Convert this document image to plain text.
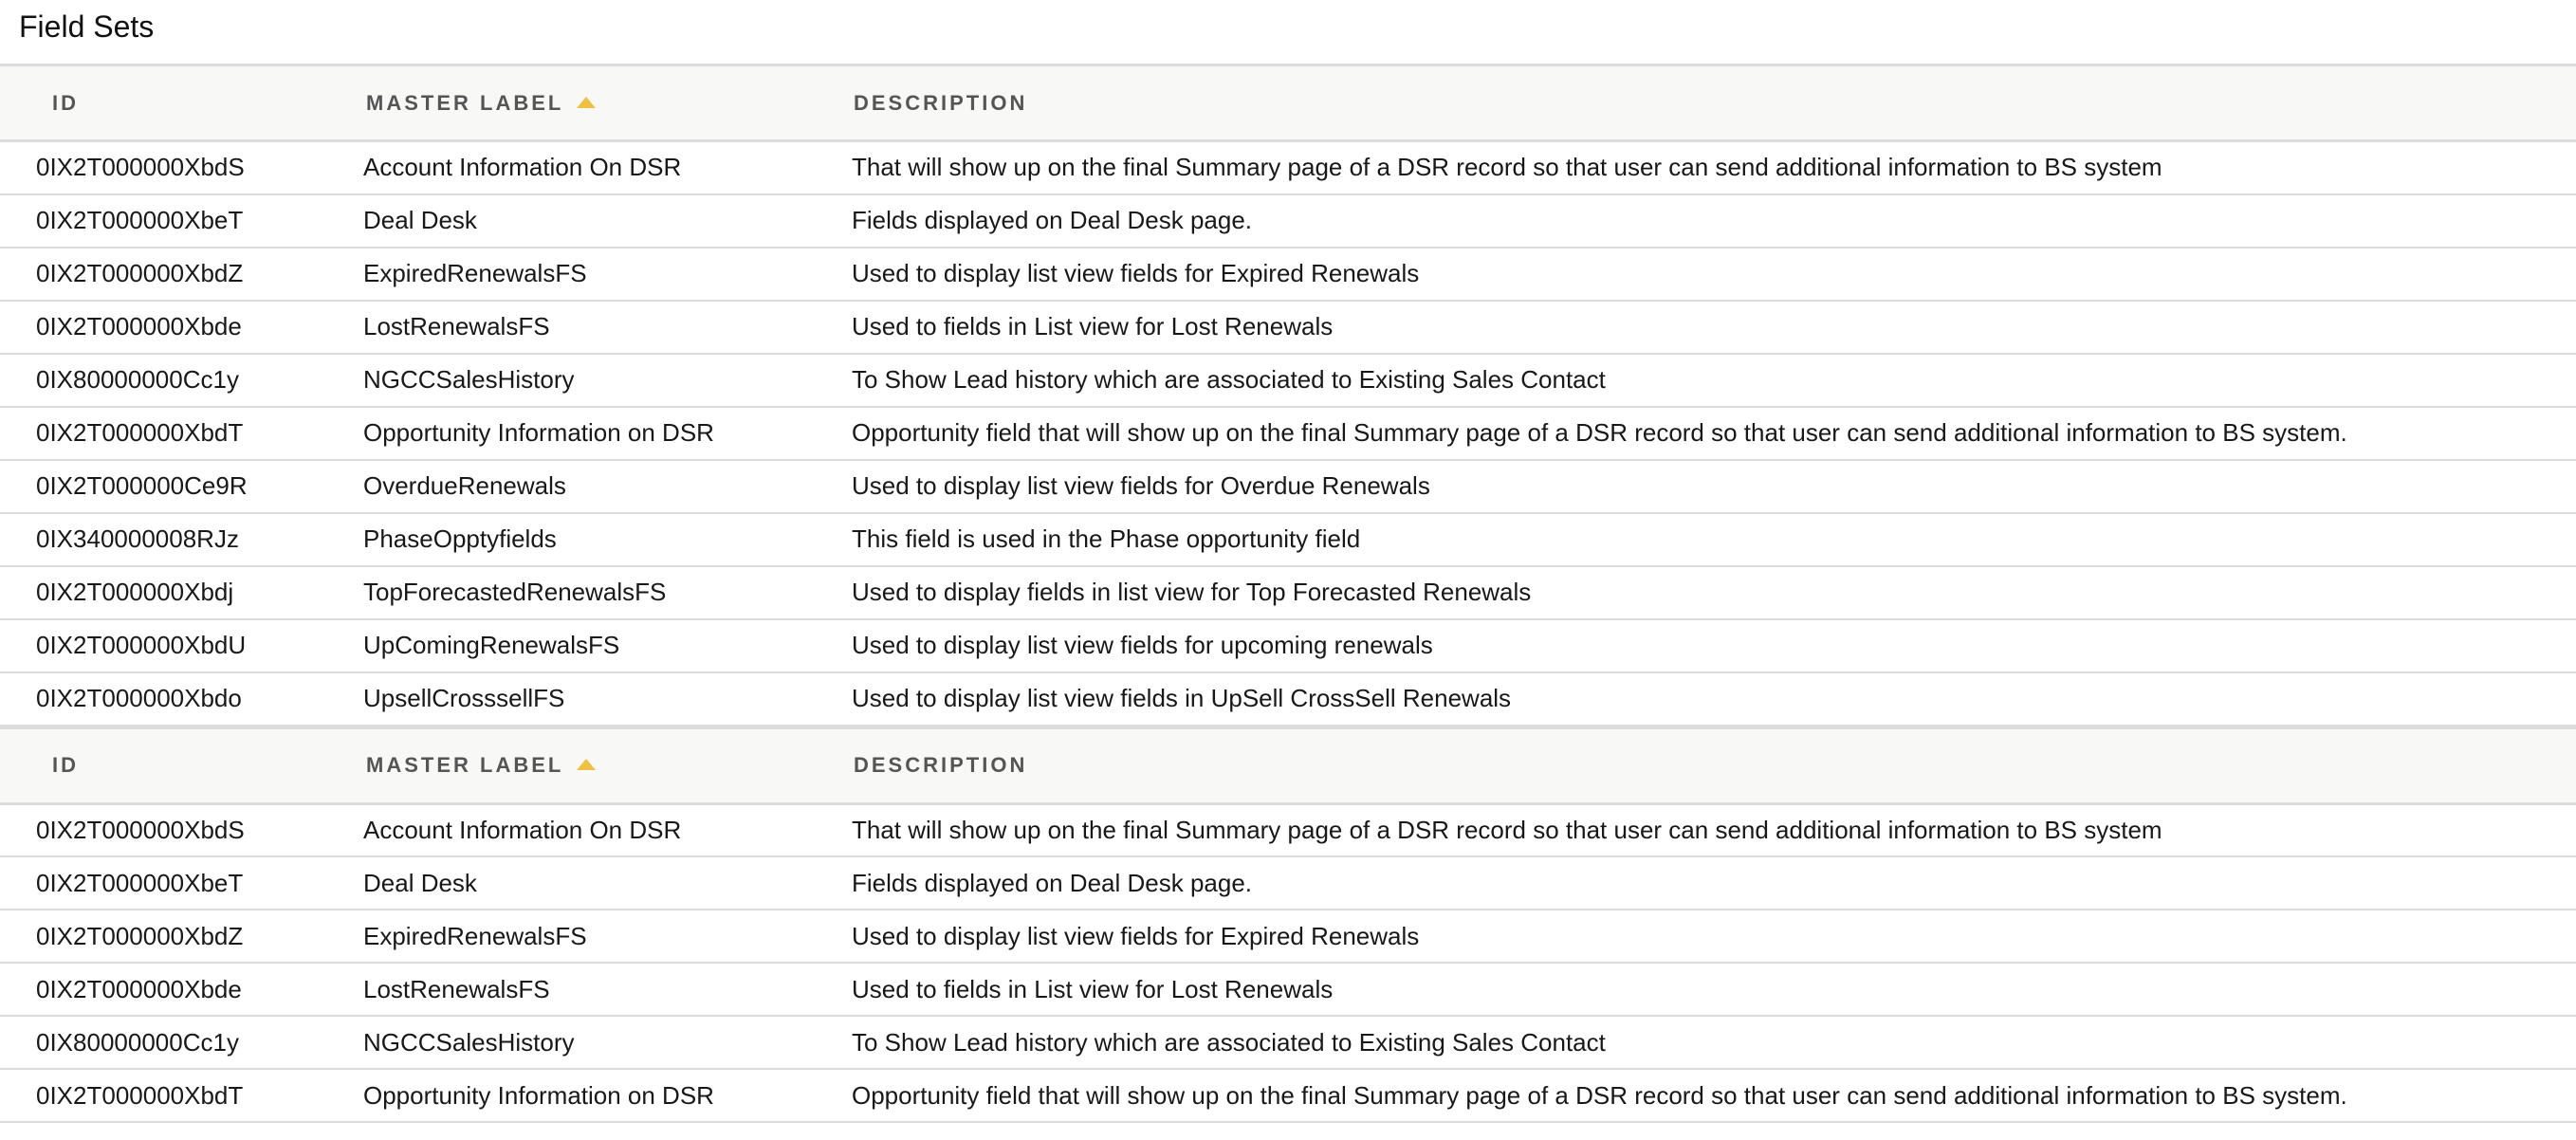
Field Sets
ID	MASTER LABEL	DESCRIPTION
0IX2T000000XbdS	Account Information On DSR	That will show up on the final Summary page of a DSR record so that user can send additional information to BS system
0IX2T000000XbeT	Deal Desk	Fields displayed on Deal Desk page.
0IX2T000000XbdZ	ExpiredRenewalsFS	Used to display list view fields for Expired Renewals
0IX2T000000Xbde	LostRenewalsFS	Used to fields in List view for Lost Renewals
0IX80000000Cc1y	NGCCSalesHistory	To Show Lead history which are associated to Existing Sales Contact
0IX2T000000XbdT	Opportunity Information on DSR	Opportunity field that will show up on the final Summary page of a DSR record so that user can send additional information to BS system.
0IX2T000000Ce9R	OverdueRenewals	Used to display list view fields for Overdue Renewals
0IX340000008RJz	PhaseOpptyfields	This field is used in the Phase opportunity field
0IX2T000000Xbdj	TopForecastedRenewalsFS	Used to display fields in list view for Top Forecasted Renewals
0IX2T000000XbdU	UpComingRenewalsFS	Used to display list view fields for upcoming renewals
0IX2T000000Xbdo	UpsellCrosssellFS	Used to display list view fields in UpSell CrossSell Renewals
ID	MASTER LABEL	DESCRIPTION
0IX2T000000XbdS	Account Information On DSR	That will show up on the final Summary page of a DSR record so that user can send additional information to BS system
0IX2T000000XbeT	Deal Desk	Fields displayed on Deal Desk page.
0IX2T000000XbdZ	ExpiredRenewalsFS	Used to display list view fields for Expired Renewals
0IX2T000000Xbde	LostRenewalsFS	Used to fields in List view for Lost Renewals
0IX80000000Cc1y	NGCCSalesHistory	To Show Lead history which are associated to Existing Sales Contact
0IX2T000000XbdT	Opportunity Information on DSR	Opportunity field that will show up on the final Summary page of a DSR record so that user can send additional information to BS system.
